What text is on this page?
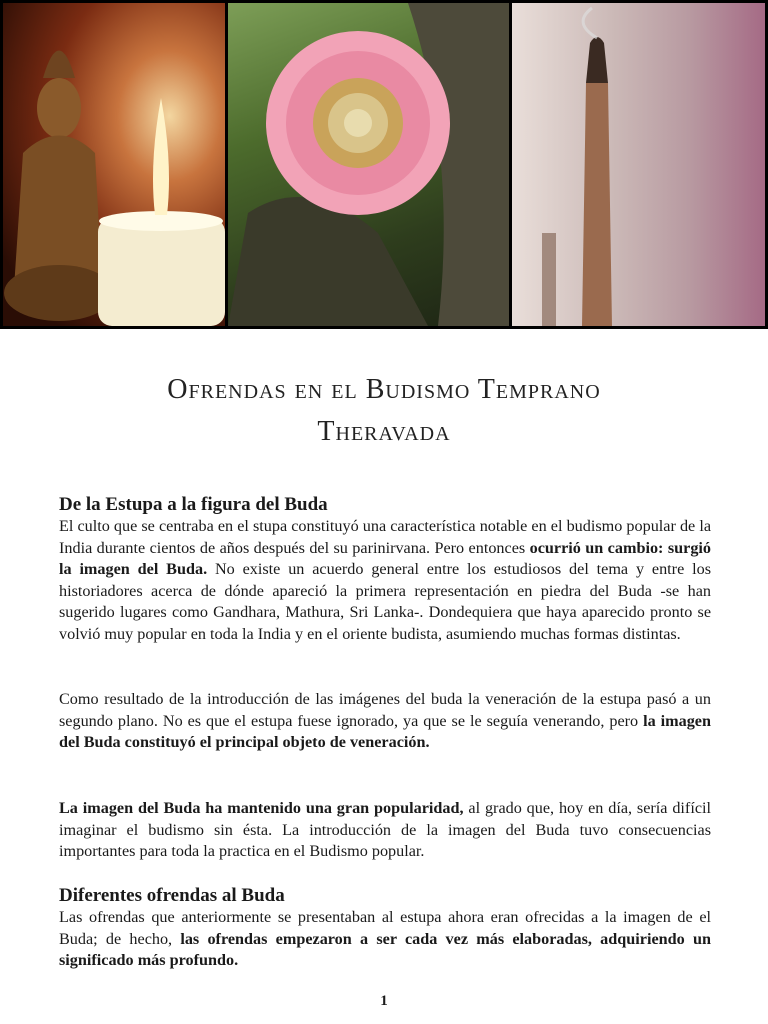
Ofrendas en el Budismo Temprano
Theravada
De la Estupa a la figura del Buda

El culto que se centraba en el stupa constituyó una característica notable en el budismo popular de la India durante cientos de años después del su parinirvana. Pero entonces ocurrió un cambio: surgió la imagen del Buda. No existe un acuerdo general entre los estudiosos del tema y entre los historiadores acerca de dónde apareció la primera representación en piedra del Buda -se han sugerido lugares como Gandhara, Mathura, Sri Lanka-. Dondequiera que haya aparecido pronto se volvió muy popular en toda la India y en el oriente budista, asumiendo muchas formas distintas.

Como resultado de la introducción de las imágenes del buda la veneración de la estupa pasó a un segundo plano. No es que el estupa fuese ignorado, ya que se le seguía venerando, pero la imagen del Buda constituyó el principal objeto de veneración.

La imagen del Buda ha mantenido una gran popularidad, al grado que, hoy en día, sería difícil imaginar el budismo sin ésta. La introducción de la imagen del Buda tuvo consecuencias importantes para toda la practica en el Budismo popular.

Diferentes ofrendas al Buda

Las ofrendas que anteriormente se presentaban al estupa ahora eran ofrecidas a la imagen de el Buda; de hecho, las ofrendas empezaron a ser cada vez más elaboradas, adquiriendo un significado más profundo.

1
